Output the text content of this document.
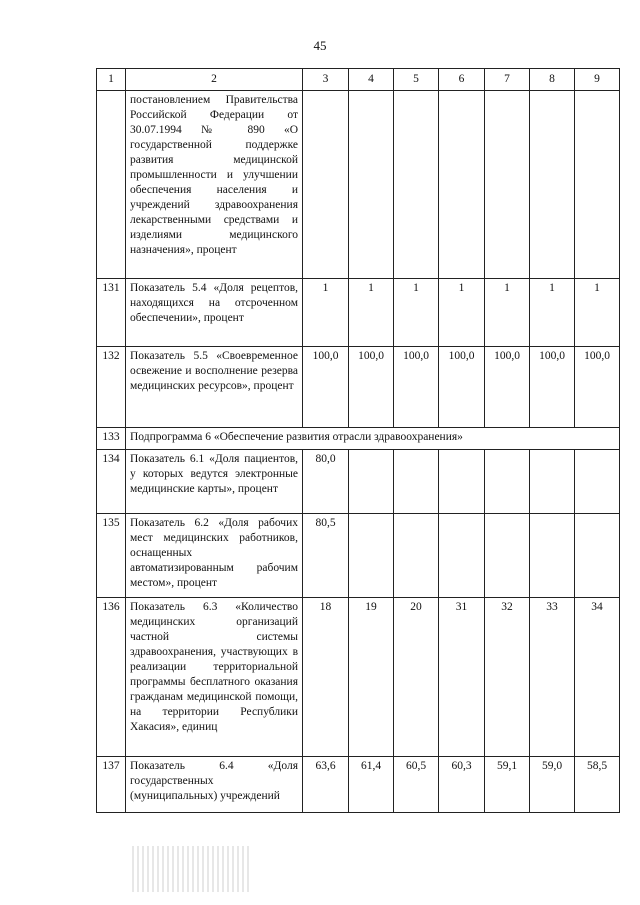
45
1	2	3	4	5	6	7	8	9
	постановлением Правительства Российской Федерации от 30.07.1994 № 890 «О государственной поддержке развития медицинской промышленности и улучшении обеспечения населения и учреждений здравоохранения лекарственными средствами и изделиями медицинского назначения», процент							
131	Показатель 5.4 «Доля рецептов, находящихся на отсроченном обеспечении», процент	1	1	1	1	1	1	1
132	Показатель 5.5 «Своевременное освежение и восполнение резерва медицинских ресурсов», процент	100,0	100,0	100,0	100,0	100,0	100,0	100,0
133	Подпрограмма 6 «Обеспечение развития отрасли здравоохранения»							
134	Показатель 6.1 «Доля пациентов, у которых ведутся электронные медицинские карты», процент	80,0						
135	Показатель 6.2 «Доля рабочих мест медицинских работников, оснащенных автоматизированным рабочим местом», процент	80,5						
136	Показатель 6.3 «Количество медицинских организаций частной системы здравоохранения, участвующих в реализации территориальной программы бесплатного оказания гражданам медицинской помощи, на территории Республики Хакасия», единиц	18	19	20	31	32	33	34
137	Показатель 6.4 «Доля государственных (муниципальных) учреждений	63,6	61,4	60,5	60,3	59,1	59,0	58,5
